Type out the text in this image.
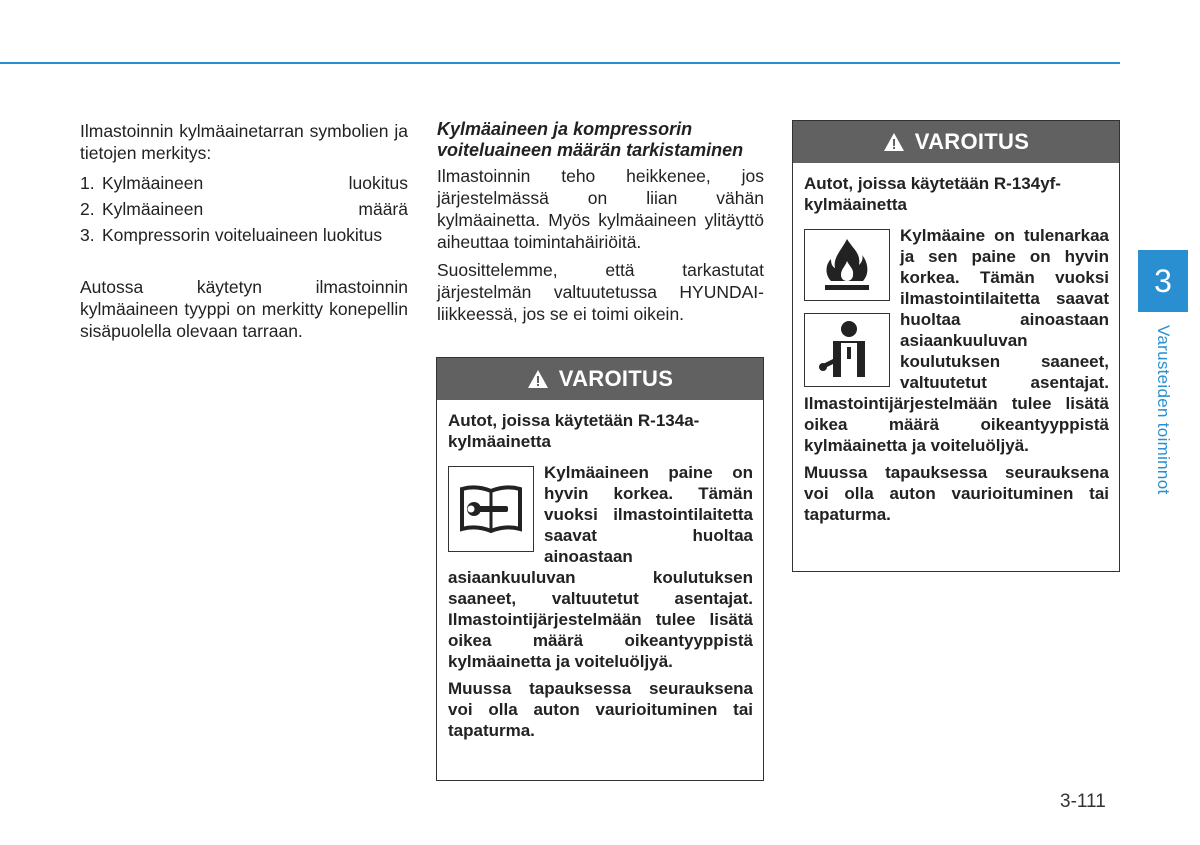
Ilmastoinnin kylmäainetarran symbolien ja tietojen merkitys:

1. Kylmäaineen luokitus
2. Kylmäaineen määrä
3. Kompressorin voiteluaineen luokitus

Autossa käytetyn ilmastoinnin kylmäaineen tyyppi on merkitty konepellin sisäpuolella olevaan tarraan.

Kylmäaineen ja kompressorin voiteluaineen määrän tarkistaminen

Ilmastoinnin teho heikkenee, jos järjestelmässä on liian vähän kylmäainetta. Myös kylmäaineen ylitäyttö aiheuttaa toimintahäiriöitä.

Suosittelemme, että tarkastutat järjestelmän valtuutetussa HYUNDAI-liikkeessä, jos se ei toimi oikein.

VAROITUS

Autot, joissa käytetään R-134a-kylmäainetta

Kylmäaineen paine on hyvin korkea. Tämän vuoksi ilmastointilaitetta saavat huoltaa ainoastaan asiaankuuluvan koulutuksen saaneet, valtuutetut asentajat. Ilmastointijärjestelmään tulee lisätä oikea määrä oikeantyyppistä kylmäainetta ja voiteluöljyä.

Muussa tapauksessa seurauksena voi olla auton vaurioituminen tai tapaturma.

VAROITUS

Autot, joissa käytetään R-134yf-kylmäainetta

Kylmäaine on tulenarkaa ja sen paine on hyvin korkea. Tämän vuoksi ilmastointilaitetta saavat huoltaa ainoastaan asiaankuuluvan koulutuksen saaneet, valtuutetut asentajat. Ilmastointijärjestelmään tulee lisätä oikea määrä oikeantyyppistä kylmäainetta ja voiteluöljyä.

Muussa tapauksessa seurauksena voi olla auton vaurioituminen tai tapaturma.

3
Varusteiden toiminnot
3-111
